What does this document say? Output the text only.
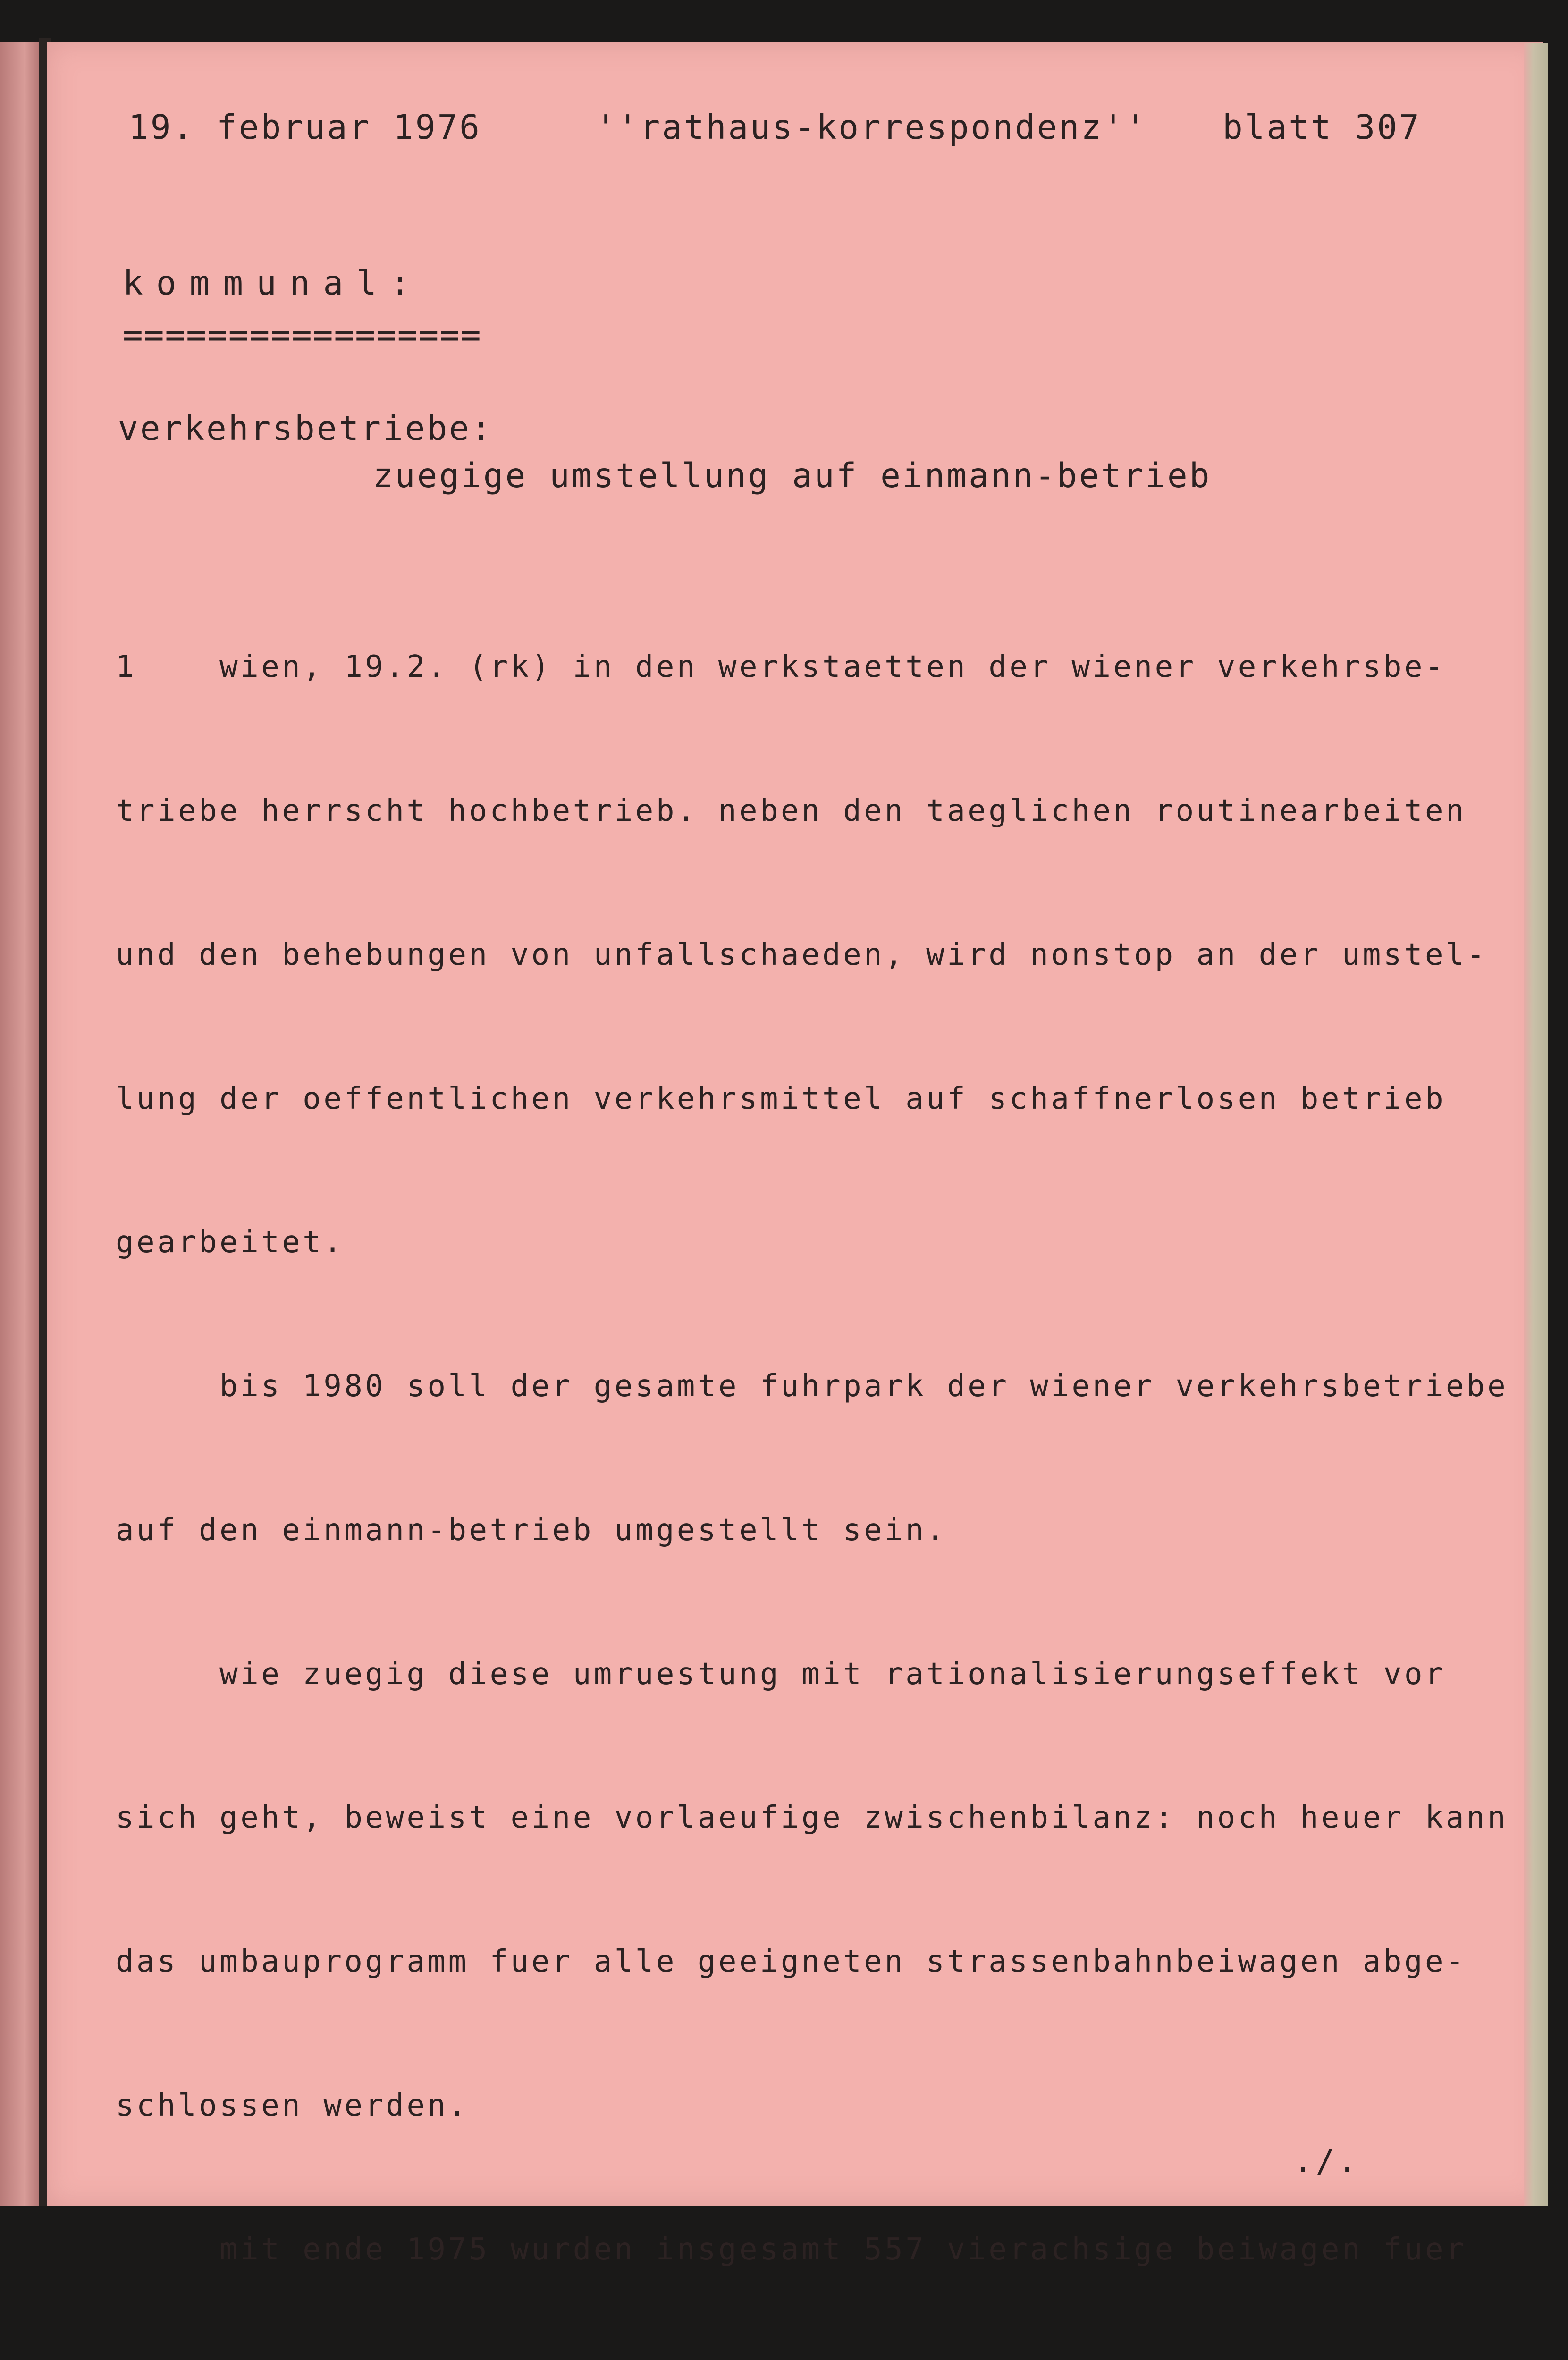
19. februar 1976	''rathaus-korrespondenz'' blatt 307
kommunal:
=================
verkehrsbetriebe:
zuegige umstellung auf einmann-betrieb

1    wien, 19.2. (rk) in den werkstaetten der wiener verkehrsbe-

triebe herrscht hochbetrieb. neben den taeglichen routinearbeiten

und den behebungen von unfallschaeden, wird nonstop an der umstel-

lung der oeffentlichen verkehrsmittel auf schaffnerlosen betrieb

gearbeitet.

bis 1980 soll der gesamte fuhrpark der wiener verkehrsbetriebe

auf den einmann-betrieb umgestellt sein.

wie zuegig diese umruestung mit rationalisierungseffekt vor

sich geht, beweist eine vorlaeufige zwischenbilanz: noch heuer kann

das umbauprogramm fuer alle geeigneten strassenbahnbeiwagen abge-

schlossen werden.

mit ende 1975 wurden insgesamt 557 vierachsige beiwagen fuer

./.
